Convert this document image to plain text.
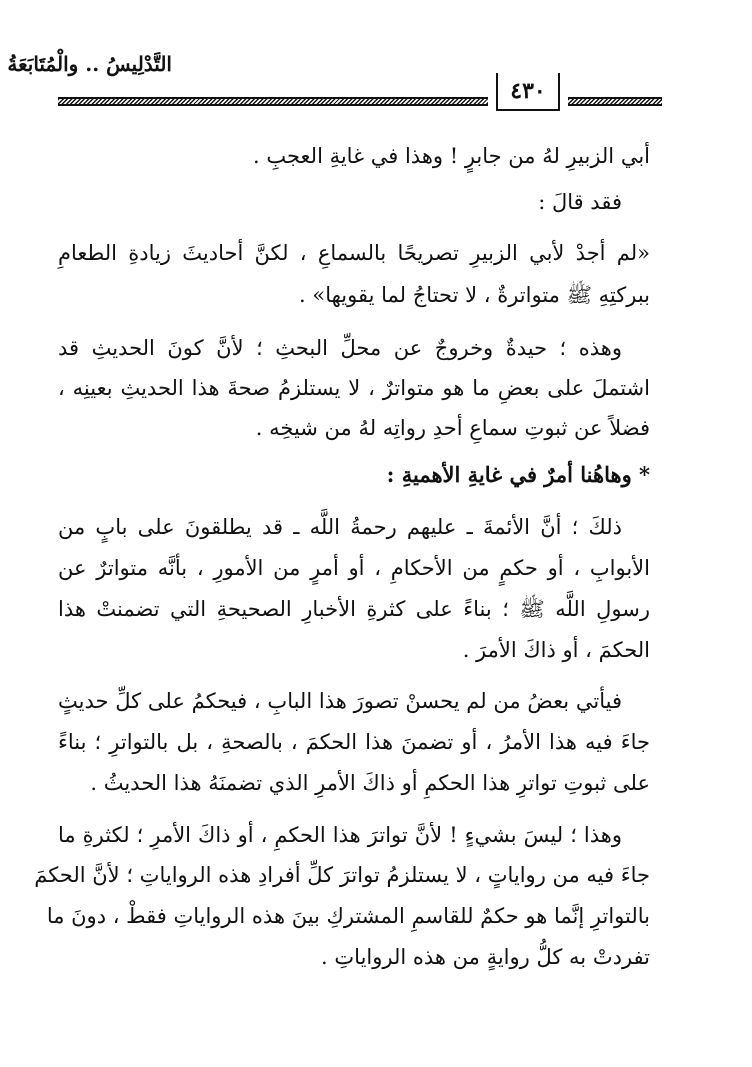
التَّدْلِيسُ .. والْمُتَابَعَةُ
٤٣٠
أبي الزبيرِ لهُ من جابرٍ ! وهذا في غايةِ العجبِ .
فقد قالَ :
«لم أجدْ لأبي الزبيرِ تصريحًا بالسماعِ ، لكنَّ أحاديثَ زيادةِ الطعامِ
ببركتِهِ ﷺ متواترةٌ ، لا تحتاجُ لما يقويها» .
وهذه ؛ حيدةٌ وخروجٌ عن محلِّ البحثِ ؛ لأنَّ كونَ الحديثِ قد
اشتملَ على بعضِ ما هو متواترٌ ، لا يستلزمُ صحةَ هذا الحديثِ بعينِه ،
فضلاً عن ثبوتِ سماعِ أحدِ رواتِه لهُ من شيخِه .
* وهاهُنا أمرٌ في غايةِ الأهميةِ :
ذلكَ ؛ أنَّ الأئمةَ ـ عليهم رحمةُ اللَّه ـ قد يطلقونَ على بابٍ من
الأبوابِ ، أو حكمٍ من الأحكامِ ، أو أمرٍ من الأمورِ ، بأنَّه متواترٌ عن
رسولِ اللَّه ﷺ ؛ بناءً على كثرةِ الأخبارِ الصحيحةِ التي تضمنتْ هذا
الحكمَ ، أو ذاكَ الأمرَ .
فيأتي بعضُ من لم يحسنْ تصورَ هذا البابِ ، فيحكمُ على كلِّ حديثٍ
جاءَ فيه هذا الأمرُ ، أو تضمنَ هذا الحكمَ ، بالصحةِ ، بل بالتواترِ ؛ بناءً
على ثبوتِ تواترِ هذا الحكمِ أو ذاكَ الأمرِ الذي تضمنَهُ هذا الحديثُ .
وهذا ؛ ليسَ بشيءٍ ! لأنَّ تواترَ هذا الحكمِ ، أو ذاكَ الأمرِ ؛ لكثرةِ ما
جاءَ فيه من رواياتٍ ، لا يستلزمُ تواترَ كلِّ أفرادِ هذه الرواياتِ ؛ لأنَّ الحكمَ
بالتواترِ إنَّما هو حكمٌ للقاسمِ المشتركِ بينَ هذه الرواياتِ فقطْ ، دونَ ما
تفردتْ به كلُّ روايةٍ من هذه الرواياتِ .
